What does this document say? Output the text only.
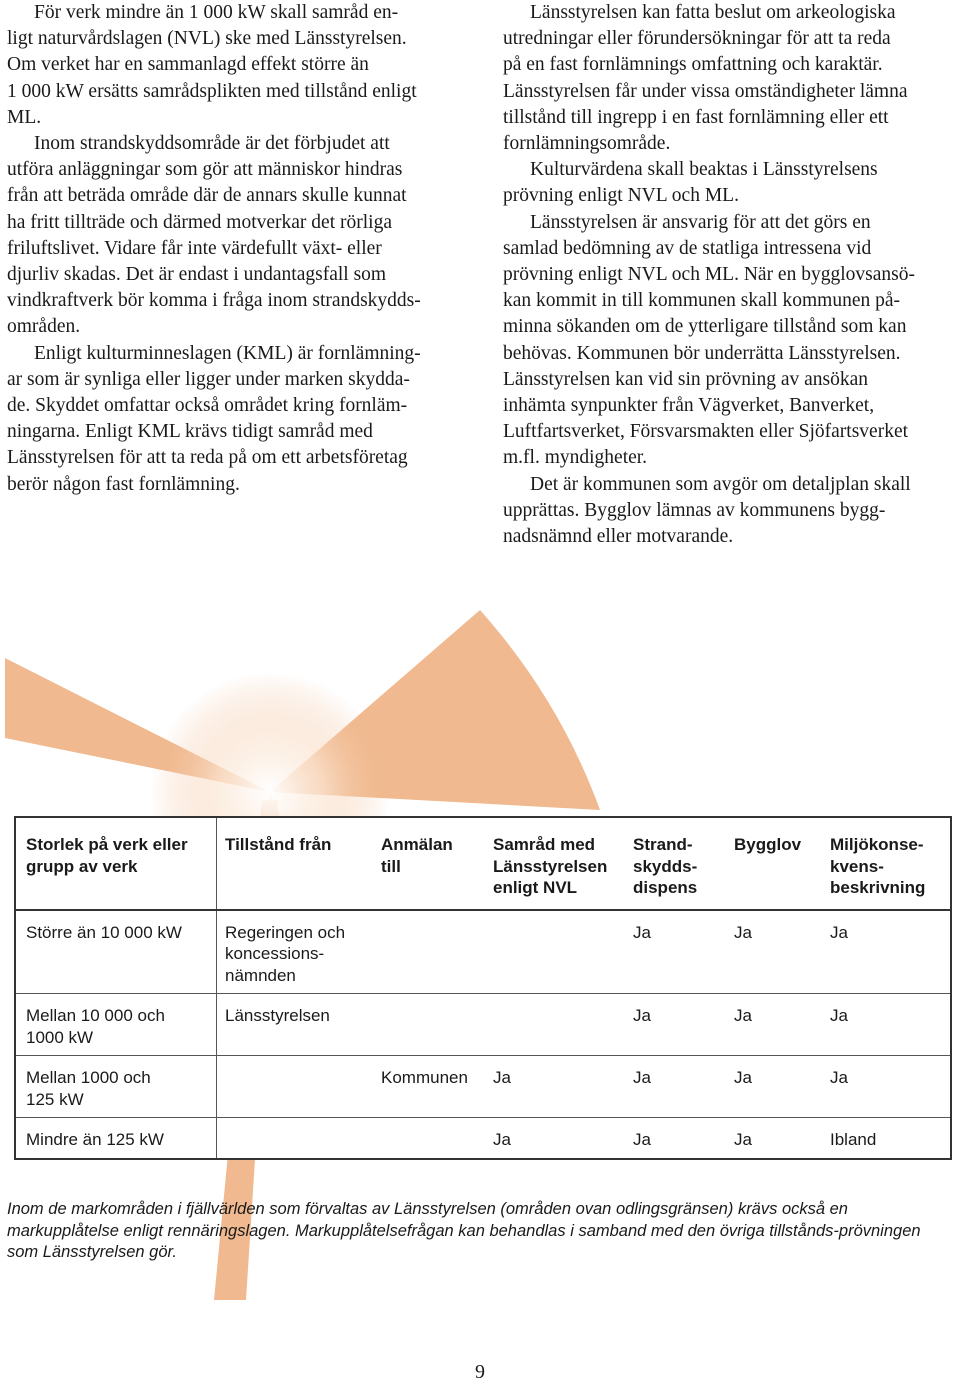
För verk mindre än 1 000 kW skall samråd en-
ligt naturvårdslagen (NVL) ske med Länsstyrelsen.
Om verket har en sammanlagd effekt större än
1 000 kW ersätts samrådsplikten med tillstånd enligt
ML.

Inom strandskyddsområde är det förbjudet att
utföra anläggningar som gör att människor hindras
från att beträda område där de annars skulle kunnat
ha fritt tillträde och därmed motverkar det rörliga
friluftslivet. Vidare får inte värdefullt växt- eller
djurliv skadas. Det är endast i undantagsfall som
vindkraftverk bör komma i fråga inom strandskydds-
områden.

Enligt kulturminneslagen (KML) är fornlämning-
ar som är synliga eller ligger under marken skydda-
de. Skyddet omfattar också området kring fornläm-
ningarna. Enligt KML krävs tidigt samråd med
Länsstyrelsen för att ta reda på om ett arbetsföretag
berör någon fast fornlämning.

Länsstyrelsen kan fatta beslut om arkeologiska
utredningar eller förundersökningar för att ta reda
på en fast fornlämnings omfattning och karaktär.
Länsstyrelsen får under vissa omständigheter lämna
tillstånd till ingrepp i en fast fornlämning eller ett
fornlämningsområde.

Kulturvärdena skall beaktas i Länsstyrelsens
prövning enligt NVL och ML.

Länsstyrelsen är ansvarig för att det görs en
samlad bedömning av de statliga intressena vid
prövning enligt NVL och ML. När en bygglovsansö-
kan kommit in till kommunen skall kommunen på-
minna sökanden om de ytterligare tillstånd som kan
behövas. Kommunen bör underrätta Länsstyrelsen.
Länsstyrelsen kan vid sin prövning av ansökan
inhämta synpunkter från Vägverket, Banverket,
Luftfartsverket, Försvarsmakten eller Sjöfartsverket
m.fl. myndigheter.

Det är kommunen som avgör om detaljplan skall
upprättas. Bygglov lämnas av kommunens bygg-
nadsnämnd eller motvarande.

Storlek på verk eller
grupp av verk	Tillstånd från	Anmälan
till	Samråd med
Länsstyrelsen
enligt NVL	Strand-
skydds-
dispens	Bygglov	Miljökonse-
kvens-
beskrivning
Större än 10 000 kW	Regeringen och
koncessions-
nämnden			Ja	Ja	Ja
Mellan 10 000 och
1000 kW	Länsstyrelsen			Ja	Ja	Ja
Mellan 1000 och
125 kW		Kommunen	Ja	Ja	Ja	Ja
Mindre än 125 kW			Ja	Ja	Ja	Ibland
Inom de markområden i fjällvärlden som förvaltas av Länsstyrelsen (områden ovan odlingsgränsen) krävs också en markupplåtelse enligt rennäringslagen. Markupplåtelsefrågan kan behandlas i samband med den övriga tillstånds-prövningen som Länsstyrelsen gör.
9
